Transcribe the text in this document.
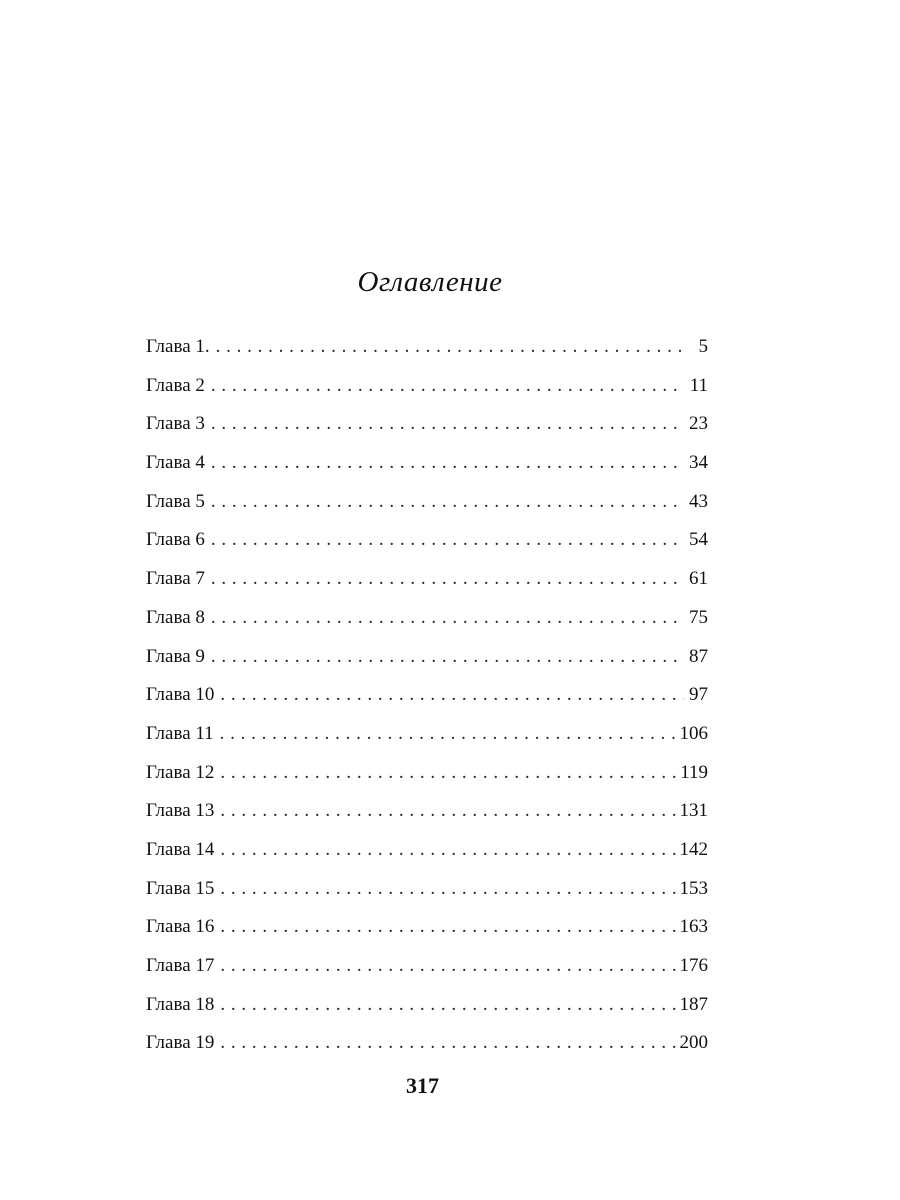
Оглавление
Глава 1. . . .	5
Глава 2 . . .	11
Глава 3 . . .	23
Глава 4 . . .	34
Глава 5 . . .	43
Глава 6 . . .	54
Глава 7 . . .	61
Глава 8 . . .	75
Глава 9 . . .	87
Глава 10 . . .	97
Глава 11 . . .	106
Глава 12 . . .	119
Глава 13 . . .	131
Глава 14 . . .	142
Глава 15 . . .	153
Глава 16 . . .	163
Глава 17 . . .	176
Глава 18 . . .	187
Глава 19 . . .	200
317
